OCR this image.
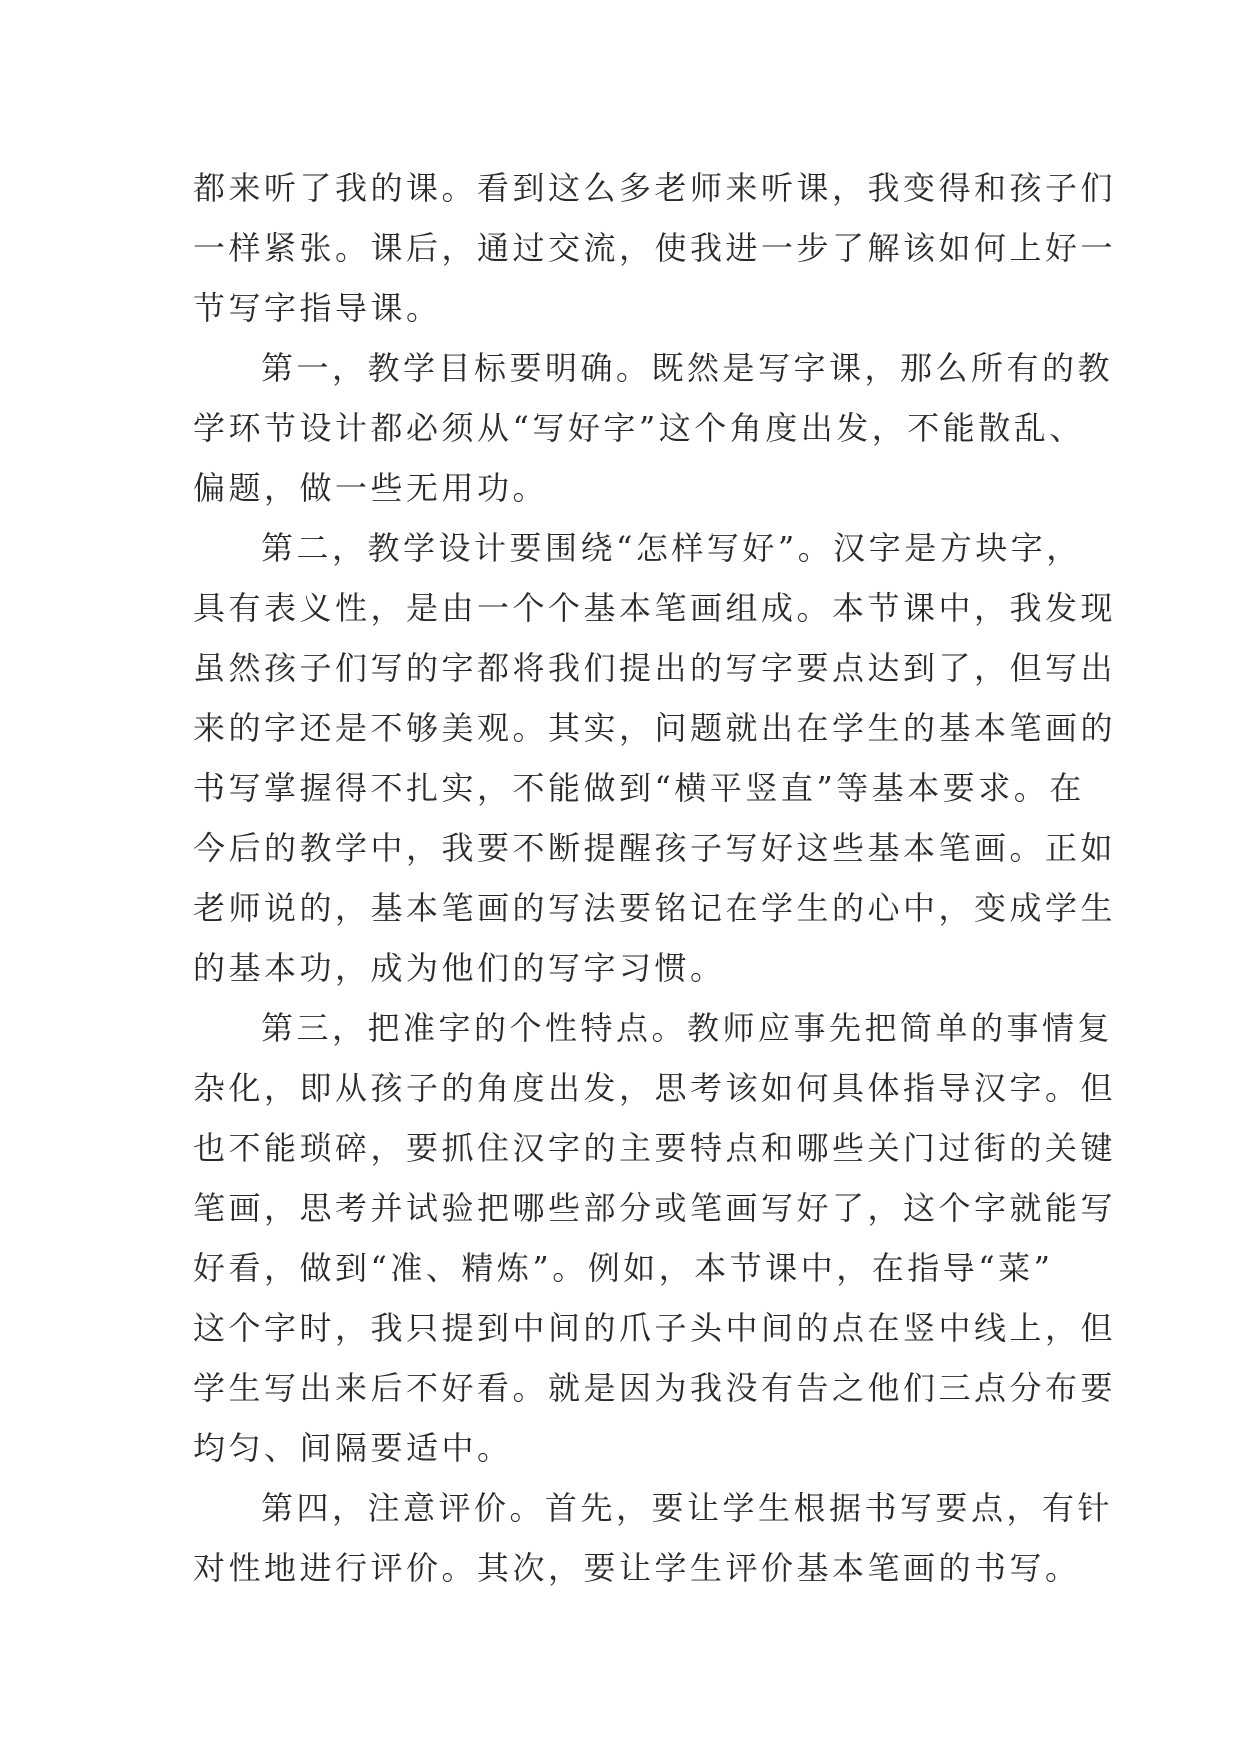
都来听了我的课。看到这么多老师来听课，我变得和孩子们
一样紧张。课后，通过交流，使我进一步了解该如何上好一
节写字指导课。
第一，教学目标要明确。既然是写字课，那么所有的教
学环节设计都必须从“写好字”这个角度出发，不能散乱、
偏题，做一些无用功。
第二，教学设计要围绕“怎样写好”。汉字是方块字，
具有表义性，是由一个个基本笔画组成。本节课中，我发现
虽然孩子们写的字都将我们提出的写字要点达到了，但写出
来的字还是不够美观。其实，问题就出在学生的基本笔画的
书写掌握得不扎实，不能做到“横平竖直”等基本要求。在
今后的教学中，我要不断提醒孩子写好这些基本笔画。正如
老师说的，基本笔画的写法要铭记在学生的心中，变成学生
的基本功，成为他们的写字习惯。
第三，把准字的个性特点。教师应事先把简单的事情复
杂化，即从孩子的角度出发，思考该如何具体指导汉字。但
也不能琐碎，要抓住汉字的主要特点和哪些关门过街的关键
笔画，思考并试验把哪些部分或笔画写好了，这个字就能写
好看，做到“准、精炼”。例如，本节课中，在指导“菜”
这个字时，我只提到中间的爪子头中间的点在竖中线上，但
学生写出来后不好看。就是因为我没有告之他们三点分布要
均匀、间隔要适中。
第四，注意评价。首先，要让学生根据书写要点，有针
对性地进行评价。其次，要让学生评价基本笔画的书写。
